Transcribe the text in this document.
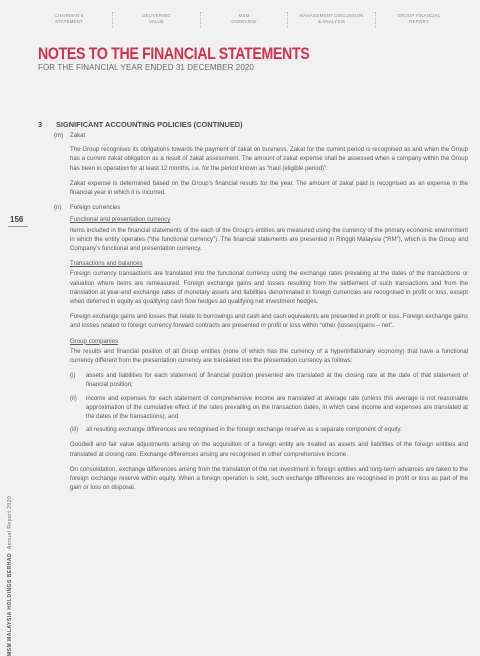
CHAIRMAN'S
STATEMENT
DELIVERING
VALUE
MSM
OVERVIEW
MANAGEMENT DISCUSSION
& ANALYSIS
GROUP FINANCIAL
REPORT
NOTES TO THE FINANCIAL STATEMENTS
FOR THE FINANCIAL YEAR ENDED 31 DECEMBER 2020
156
MSM MALAYSIA HOLDINGS BERHAD  Annual Report 2020
3 SIGNIFICANT ACCOUNTING POLICIES (CONTINUED)
(m) Zakat

The Group recognises its obligations towards the payment of zakat on business. Zakat for the current period is recognised as and when the Group has a current zakat obligation as a result of zakat assessment. The amount of zakat expense shall be assessed when a company within the Group has been in operation for at least 12 months, i.e. for the period known as “haul (eligible period)”.

Zakat expense is determined based on the Group’s financial results for the year. The amount of zakat paid is recognised as an expense in the financial year in which it is incurred.

(n) Foreign currencies
Functional and presentation currency

Items included in the financial statements of the each of the Group’s entities are measured using the currency of the primary economic environment in which the entity operates (“the functional currency”). The financial statements are presented in Ringgit Malaysia (“RM”), which is the Group and Company’s functional and presentation currency.

Transactions and balances

Foreign currency transactions are translated into the functional currency using the exchange rates prevailing at the dates of the transactions or valuation where items are remeasured. Foreign exchange gains and losses resulting from the settlement of such transactions and from the translation at year-end exchange rates of monetary assets and liabilities denominated in foreign currencies are recognised in profit or loss, except when deferred in equity as qualifying cash flow hedges ad qualifying net investment hedges.

Foreign exchange gains and losses that relate to borrowings and cash and cash equivalents are presented in profit or loss. Foreign exchange gains and losses related to foreign currency forward contracts are presented in profit or loss within “other (losses)/gains – net”.

Group companies

The results and financial position of all Group entities (none of which has the currency of a hyperinflationary economy) that have a functional currency different from the presentation currency are translated into the presentation currency as follows:

(i) assets and liabilities for each statement of financial position presented are translated at the closing rate at the date of that statement of financial position;
(ii) income and expenses for each statement of comprehensive income are translated at average rate (unless this average is not reasonable approximation of the cumulative effect of the rates prevailing on the transaction dates, in which case income and expenses are translated at the dates of the transactions); and
(iii) all resulting exchange differences are recognised in the foreign exchange reserve as a separate component of equity.

Goodwill and fair value adjustments arising on the acquisition of a foreign entity are treated as assets and liabilities of the foreign entities and translated at closing rate. Exchange differences arising are recognised in other comprehensive income.

On consolidation, exchange differences arising from the translation of the net investment in foreign entities and long-term advances are taken to the foreign exchange reserve within equity. When a foreign operation is sold, such exchange differences are recognised in profit or loss as part of the gain or loss on disposal.
